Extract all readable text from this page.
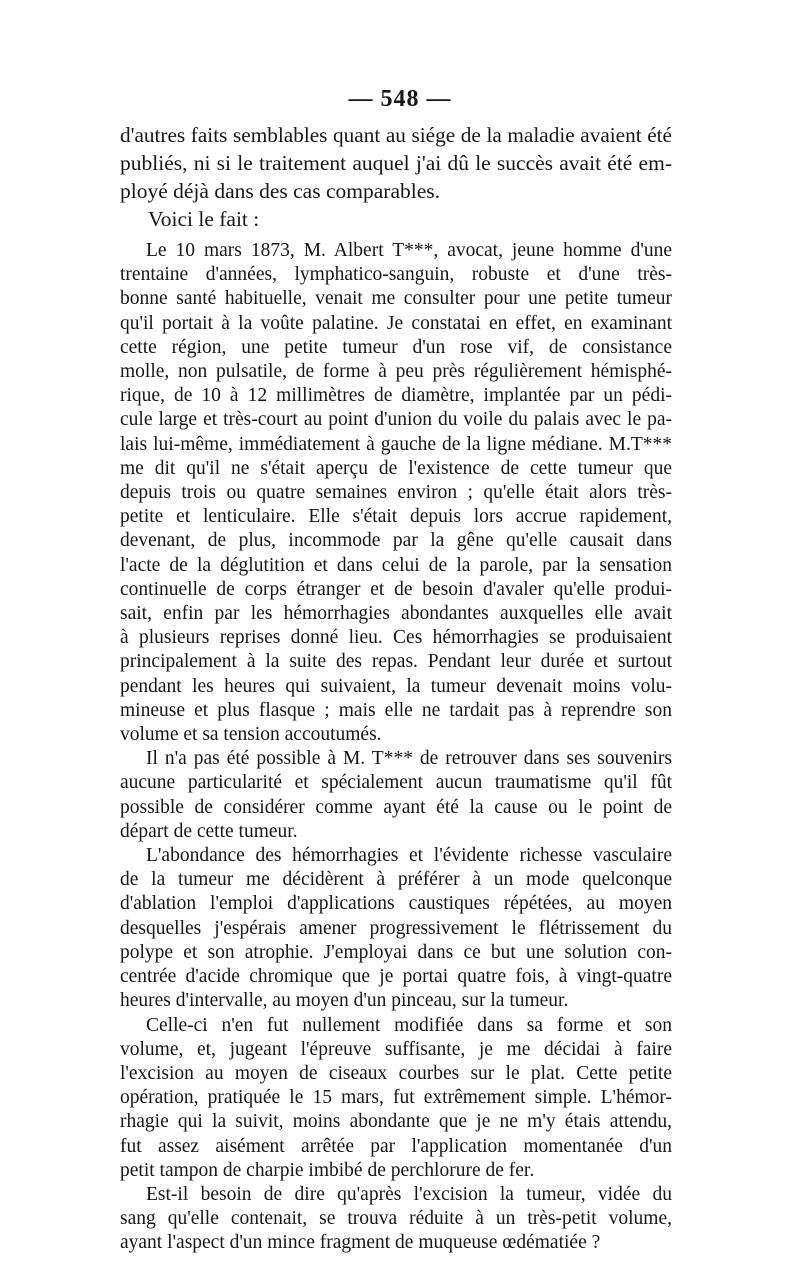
— 548 —
d'autres faits semblables quant au siége de la maladie avaient été
publiés, ni si le traitement auquel j'ai dû le succès avait été em-
ployé déjà dans des cas comparables.
Voici le fait :
Le 10 mars 1873, M. Albert T***, avocat, jeune homme d'une
trentaine d'années, lymphatico-sanguin, robuste et d'une très-
bonne santé habituelle, venait me consulter pour une petite tumeur
qu'il portait à la voûte palatine. Je constatai en effet, en examinant
cette région, une petite tumeur d'un rose vif, de consistance
molle, non pulsatile, de forme à peu près régulièrement hémisphé-
rique, de 10 à 12 millimètres de diamètre, implantée par un pédi-
cule large et très-court au point d'union du voile du palais avec le pa-
lais lui-même, immédiatement à gauche de la ligne médiane. M.T***
me dit qu'il ne s'était aperçu de l'existence de cette tumeur que
depuis trois ou quatre semaines environ ; qu'elle était alors très-
petite et lenticulaire. Elle s'était depuis lors accrue rapidement,
devenant, de plus, incommode par la gêne qu'elle causait dans
l'acte de la déglutition et dans celui de la parole, par la sensation
continuelle de corps étranger et de besoin d'avaler qu'elle produi-
sait, enfin par les hémorrhagies abondantes auxquelles elle avait
à plusieurs reprises donné lieu. Ces hémorrhagies se produisaient
principalement à la suite des repas. Pendant leur durée et surtout
pendant les heures qui suivaient, la tumeur devenait moins volu-
mineuse et plus flasque ; mais elle ne tardait pas à reprendre son
volume et sa tension accoutumés.
Il n'a pas été possible à M. T*** de retrouver dans ses souvenirs
aucune particularité et spécialement aucun traumatisme qu'il fût
possible de considérer comme ayant été la cause ou le point de
départ de cette tumeur.
L'abondance des hémorrhagies et l'évidente richesse vasculaire
de la tumeur me décidèrent à préférer à un mode quelconque
d'ablation l'emploi d'applications caustiques répétées, au moyen
desquelles j'espérais amener progressivement le flétrissement du
polype et son atrophie. J'employai dans ce but une solution con-
centrée d'acide chromique que je portai quatre fois, à vingt-quatre
heures d'intervalle, au moyen d'un pinceau, sur la tumeur.
Celle-ci n'en fut nullement modifiée dans sa forme et son
volume, et, jugeant l'épreuve suffisante, je me décidai à faire
l'excision au moyen de ciseaux courbes sur le plat. Cette petite
opération, pratiquée le 15 mars, fut extrêmement simple. L'hémor-
rhagie qui la suivit, moins abondante que je ne m'y étais attendu,
fut assez aisément arrêtée par l'application momentanée d'un
petit tampon de charpie imbibé de perchlorure de fer.
Est-il besoin de dire qu'après l'excision la tumeur, vidée du
sang qu'elle contenait, se trouva réduite à un très-petit volume,
ayant l'aspect d'un mince fragment de muqueuse œdématiée ?
